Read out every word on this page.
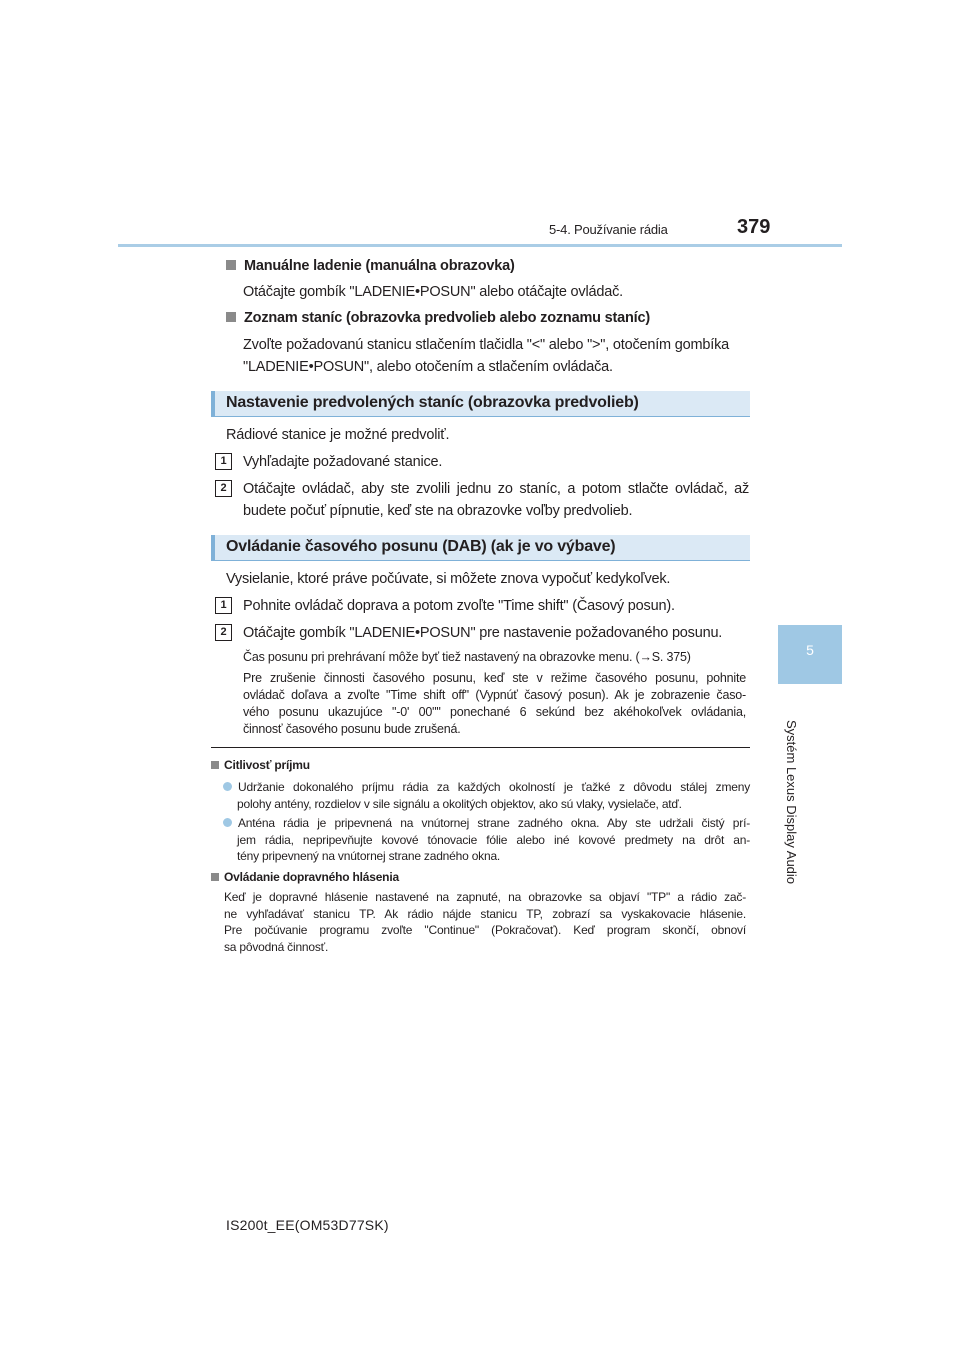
5-4. Používanie rádia	379
5
Systém Lexus Display Audio
Manuálne ladenie (manuálna obrazovka)
Otáčajte gombík "LADENIE•POSUN" alebo otáčajte ovládač.
Zoznam staníc (obrazovka predvolieb alebo zoznamu staníc)
Zvoľte požadovanú stanicu stlačením tlačidla "<" alebo ">", otočením gombíka
"LADENIE•POSUN", alebo otočením a stlačením ovládača.
Nastavenie predvolených staníc (obrazovka predvolieb)
Rádiové stanice je možné predvoliť.
1	Vyhľadajte požadované stanice.
2	Otáčajte ovládač, aby ste zvolili jednu zo staníc, a potom stlačte ovládač, až
budete počuť pípnutie, keď ste na obrazovke voľby predvolieb.
Ovládanie časového posunu (DAB) (ak je vo výbave)
Vysielanie, ktoré práve počúvate, si môžete znova vypočuť kedykoľvek.
1	Pohnite ovládač doprava a potom zvoľte "Time shift" (Časový posun).
2	Otáčajte gombík "LADENIE•POSUN" pre nastavenie požadovaného posunu.
Čas posunu pri prehrávaní môže byť tiež nastavený na obrazovke menu. (→S. 375)
Pre zrušenie činnosti časového posunu, keď ste v režime časového posunu, pohnite
ovládač doľava a zvoľte "Time shift off" (Vypnúť časový posun). Ak je zobrazenie časo-
vého posunu ukazujúce "-0' 00"" ponechané 6 sekúnd bez akéhokoľvek ovládania,
činnosť časového posunu bude zrušená.
Citlivosť príjmu
Udržanie dokonalého príjmu rádia za každých okolností je ťažké z dôvodu stálej zmeny
polohy antény, rozdielov v sile signálu a okolitých objektov, ako sú vlaky, vysielače, atď.
Anténa rádia je pripevnená na vnútornej strane zadného okna. Aby ste udržali čistý prí-
jem rádia, nepripevňujte kovové tónovacie fólie alebo iné kovové predmety na drôt an-
tény pripevnený na vnútornej strane zadného okna.
Ovládanie dopravného hlásenia
Keď je dopravné hlásenie nastavené na zapnuté, na obrazovke sa objaví "TP" a rádio zač-
ne vyhľadávať stanicu TP. Ak rádio nájde stanicu TP, zobrazí sa vyskakovacie hlásenie.
Pre počúvanie programu zvoľte "Continue" (Pokračovať). Keď program skončí, obnoví
sa pôvodná činnosť.
IS200t_EE(OM53D77SK)
